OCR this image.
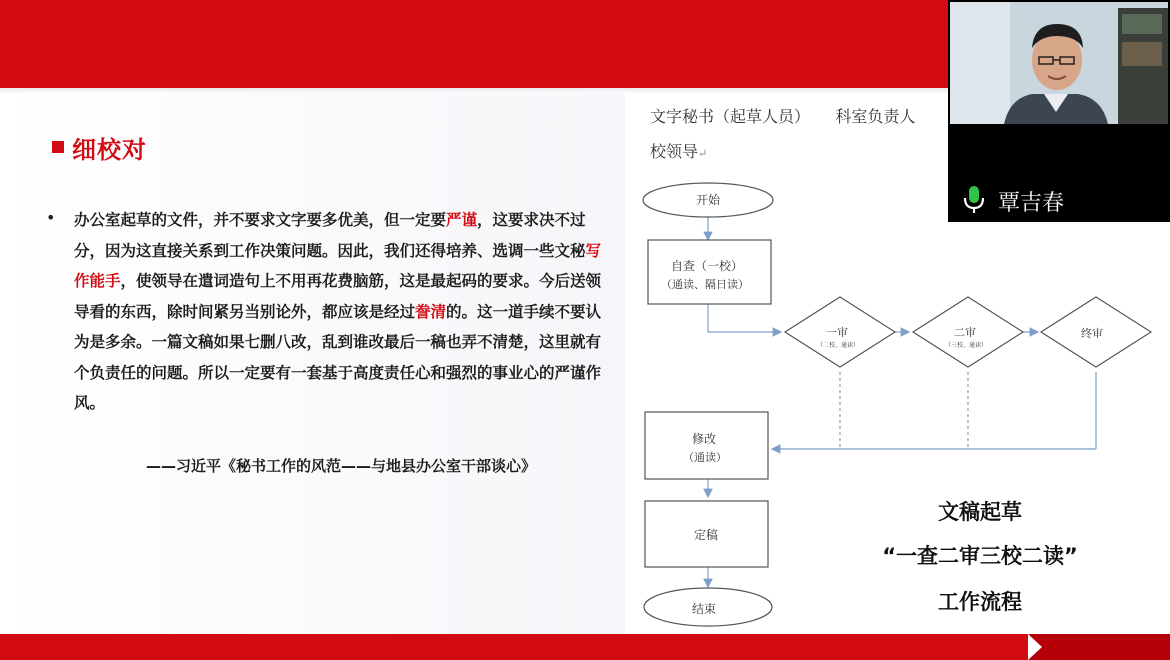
细校对
• 办公室起草的文件，并不要求文字要多优美，但一定要严谨，这要求决不过分，因为这直接关系到工作决策问题。因此，我们还得培养、选调一些文秘写作能手，使领导在遣词造句上不用再花费脑筋，这是最起码的要求。今后送领导看的东西，除时间紧另当别论外，都应该是经过誊清的。这一道手续不要认为是多余。一篇文稿如果七删八改，乱到谁改最后一稿也弄不清楚，这里就有个负责任的问题。所以一定要有一套基于高度责任心和强烈的事业心的严谨作风。
——习近平《秘书工作的风范——与地县办公室干部谈心》
文字秘书（起草人员）     科室负责人
校领导↵
开始
自查（一校）
（通读、隔日读）
一审
（二校、通读）
二审
（三校、通读）
终审
修改
（通读）
定稿
结束
文稿起草
“一查二审三校二读”
工作流程
覃吉春
